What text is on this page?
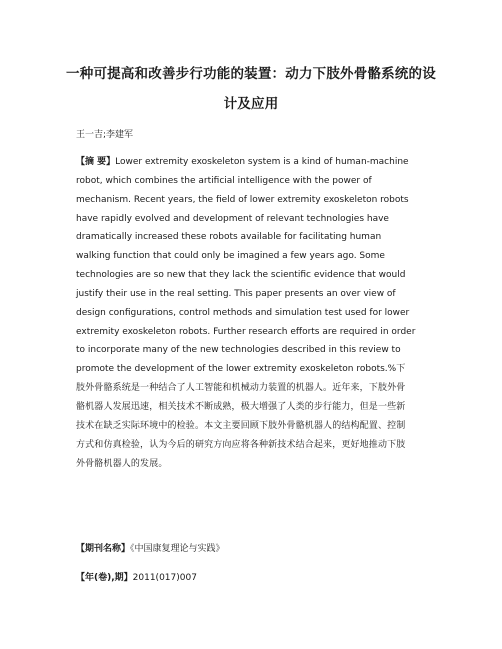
一种可提高和改善步行功能的装置：动力下肢外骨骼系统的设
计及应用
王一吉;李建军
【摘 要】Lower extremity exoskeleton system is a kind of human-machine
robot, which combines the artificial intelligence with the power of
mechanism. Recent years, the field of lower extremity exoskeleton robots
have rapidly evolved and development of relevant technologies have
dramatically increased these robots available for facilitating human
walking function that could only be imagined a few years ago. Some
technologies are so new that they lack the scientific evidence that would
justify their use in the real setting. This paper presents an over view of
design configurations, control methods and simulation test used for lower
extremity exoskeleton robots. Further research efforts are required in order
to incorporate many of the new technologies described in this review to
promote the development of the lower extremity exoskeleton robots.%下
肢外骨骼系统是一种结合了人工智能和机械动力装置的机器人。近年来，下肢外骨
骼机器人发展迅速，相关技术不断成熟，极大增强了人类的步行能力，但是一些新
技术在缺乏实际环境中的检验。本文主要回顾下肢外骨骼机器人的结构配置、控制
方式和仿真检验，认为今后的研究方向应将各种新技术结合起来，更好地推动下肢
外骨骼机器人的发展。
【期刊名称】《中国康复理论与实践》
【年(卷),期】2011(017)007
